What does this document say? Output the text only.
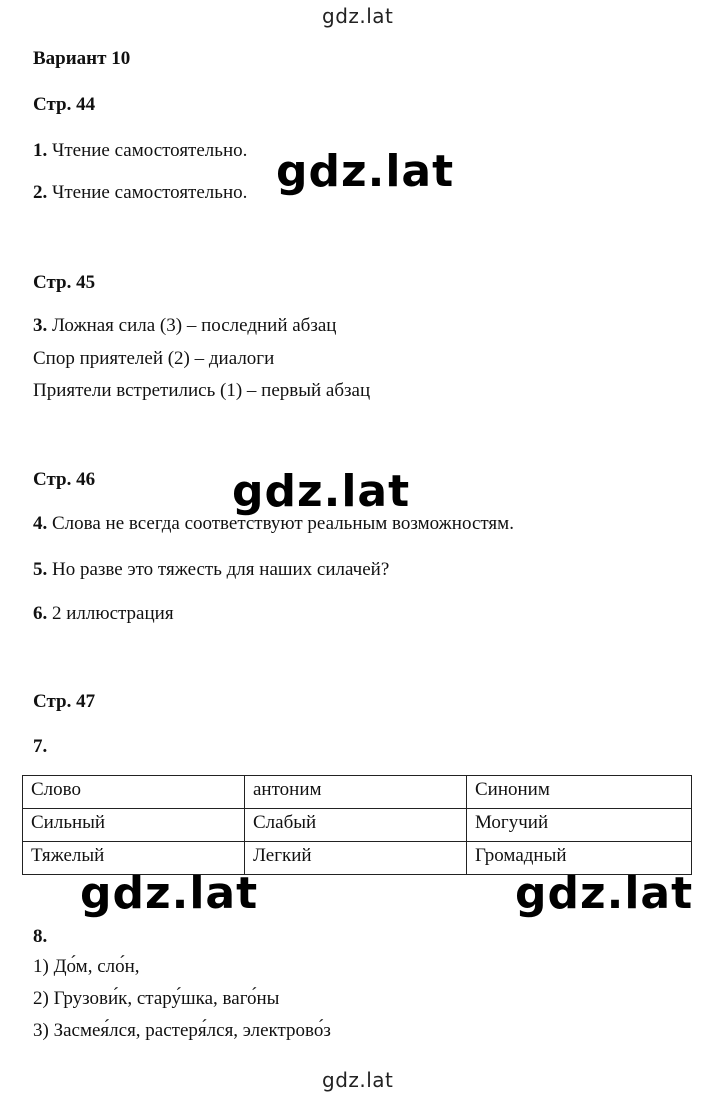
gdz.lat
Вариант 10
Стр. 44
1. Чтение самостоятельно.
2. Чтение самостоятельно. gdz.lat
Стр. 45
3. Ложная сила (3) – последний абзац
Спор приятелей (2) – диалоги
Приятели встретились (1) – первый абзац
Стр. 46
4. Слова не всегда соответствуют реальным возможностям.
5. Но разве это тяжесть для наших силачей?
6. 2 иллюстрация
gdz.lat
Стр. 47
7.
Слово	антоним	Синоним
Сильный	Слабый	Могучий
Тяжелый	Легкий	Громадный
gdz.lat	gdz.lat
8.
1) До́м, сло́н,
2) Грузови́к, стару́шка, ваго́ны
3) Засмея́лся, растеря́лся, электрово́з
gdz.lat
